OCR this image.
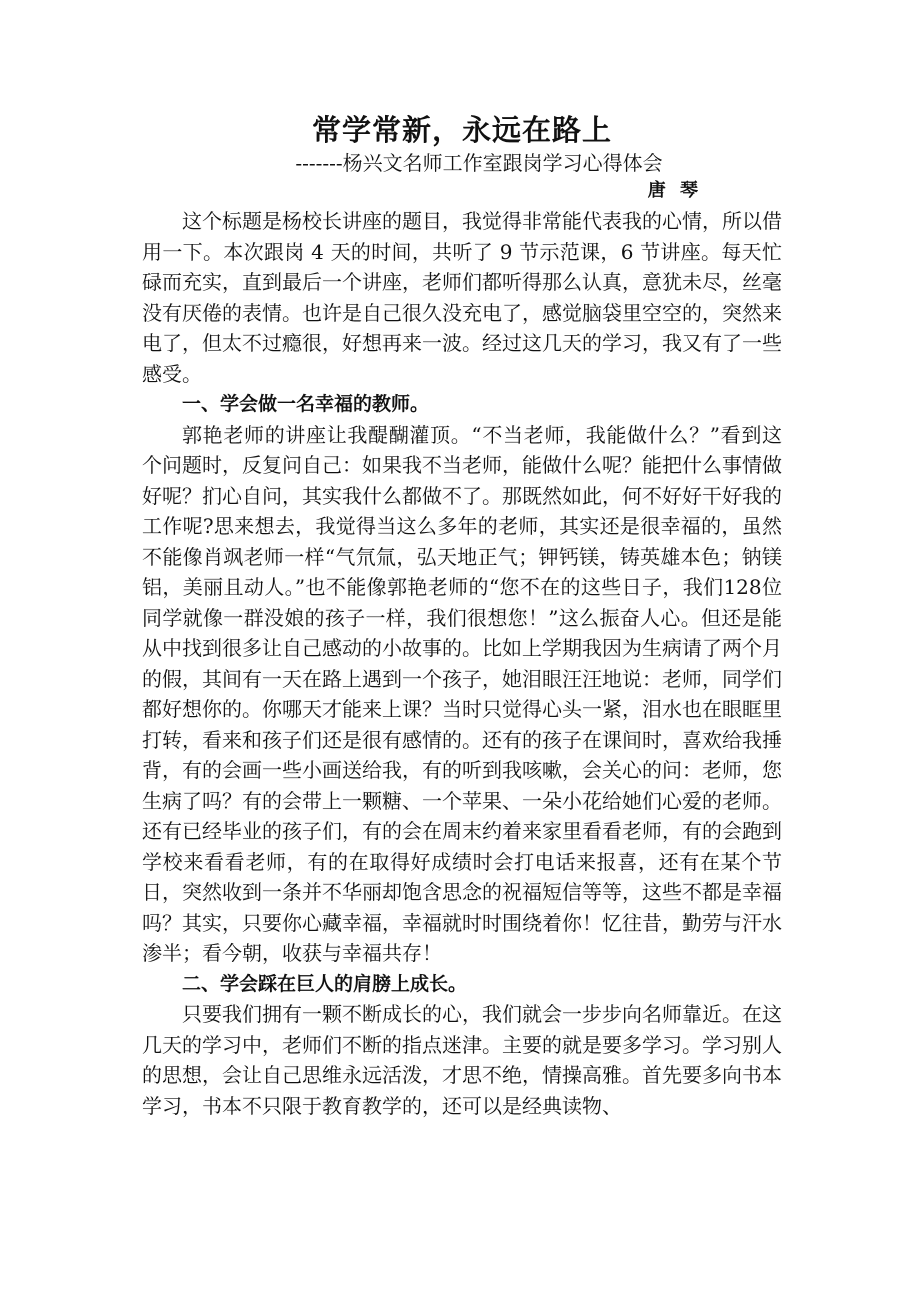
常学常新，永远在路上
-------杨兴文名师工作室跟岗学习心得体会
唐 琴

这个标题是杨校长讲座的题目，我觉得非常能代表我的心情，所以借用一下。本次跟岗 4 天的时间，共听了 9 节示范课，6 节讲座。每天忙碌而充实，直到最后一个讲座，老师们都听得那么认真，意犹未尽，丝毫没有厌倦的表情。也许是自己很久没充电了，感觉脑袋里空空的，突然来电了，但太不过瘾很，好想再来一波。经过这几天的学习，我又有了一些感受。

一、学会做一名幸福的教师。

郭艳老师的讲座让我醍醐灌顶。“不当老师，我能做什么？”看到这个问题时，反复问自己：如果我不当老师，能做什么呢？能把什么事情做好呢？扪心自问，其实我什么都做不了。那既然如此，何不好好干好我的工作呢?思来想去，我觉得当这么多年的老师，其实还是很幸福的，虽然不能像肖飒老师一样“气氘氚，弘天地正气；钾钙镁，铸英雄本色；钠镁铝，美丽且动人。”也不能像郭艳老师的“您不在的这些日子，我们128位同学就像一群没娘的孩子一样，我们很想您！”这么振奋人心。但还是能从中找到很多让自己感动的小故事的。比如上学期我因为生病请了两个月的假，其间有一天在路上遇到一个孩子，她泪眼汪汪地说：老师，同学们都好想你的。你哪天才能来上课？当时只觉得心头一紧，泪水也在眼眶里打转，看来和孩子们还是很有感情的。还有的孩子在课间时，喜欢给我捶背，有的会画一些小画送给我，有的听到我咳嗽，会关心的问：老师，您生病了吗？有的会带上一颗糖、一个苹果、一朵小花给她们心爱的老师。还有已经毕业的孩子们，有的会在周末约着来家里看看老师，有的会跑到学校来看看老师，有的在取得好成绩时会打电话来报喜，还有在某个节日，突然收到一条并不华丽却饱含思念的祝福短信等等，这些不都是幸福吗？其实，只要你心藏幸福，幸福就时时围绕着你！忆往昔，勤劳与汗水渗半；看今朝，收获与幸福共存！

二、学会踩在巨人的肩膀上成长。

只要我们拥有一颗不断成长的心，我们就会一步步向名师靠近。在这几天的学习中，老师们不断的指点迷津。主要的就是要多学习。学习别人的思想，会让自己思维永远活泼，才思不绝，情操高雅。首先要多向书本学习，书本不只限于教育教学的，还可以是经典读物、
